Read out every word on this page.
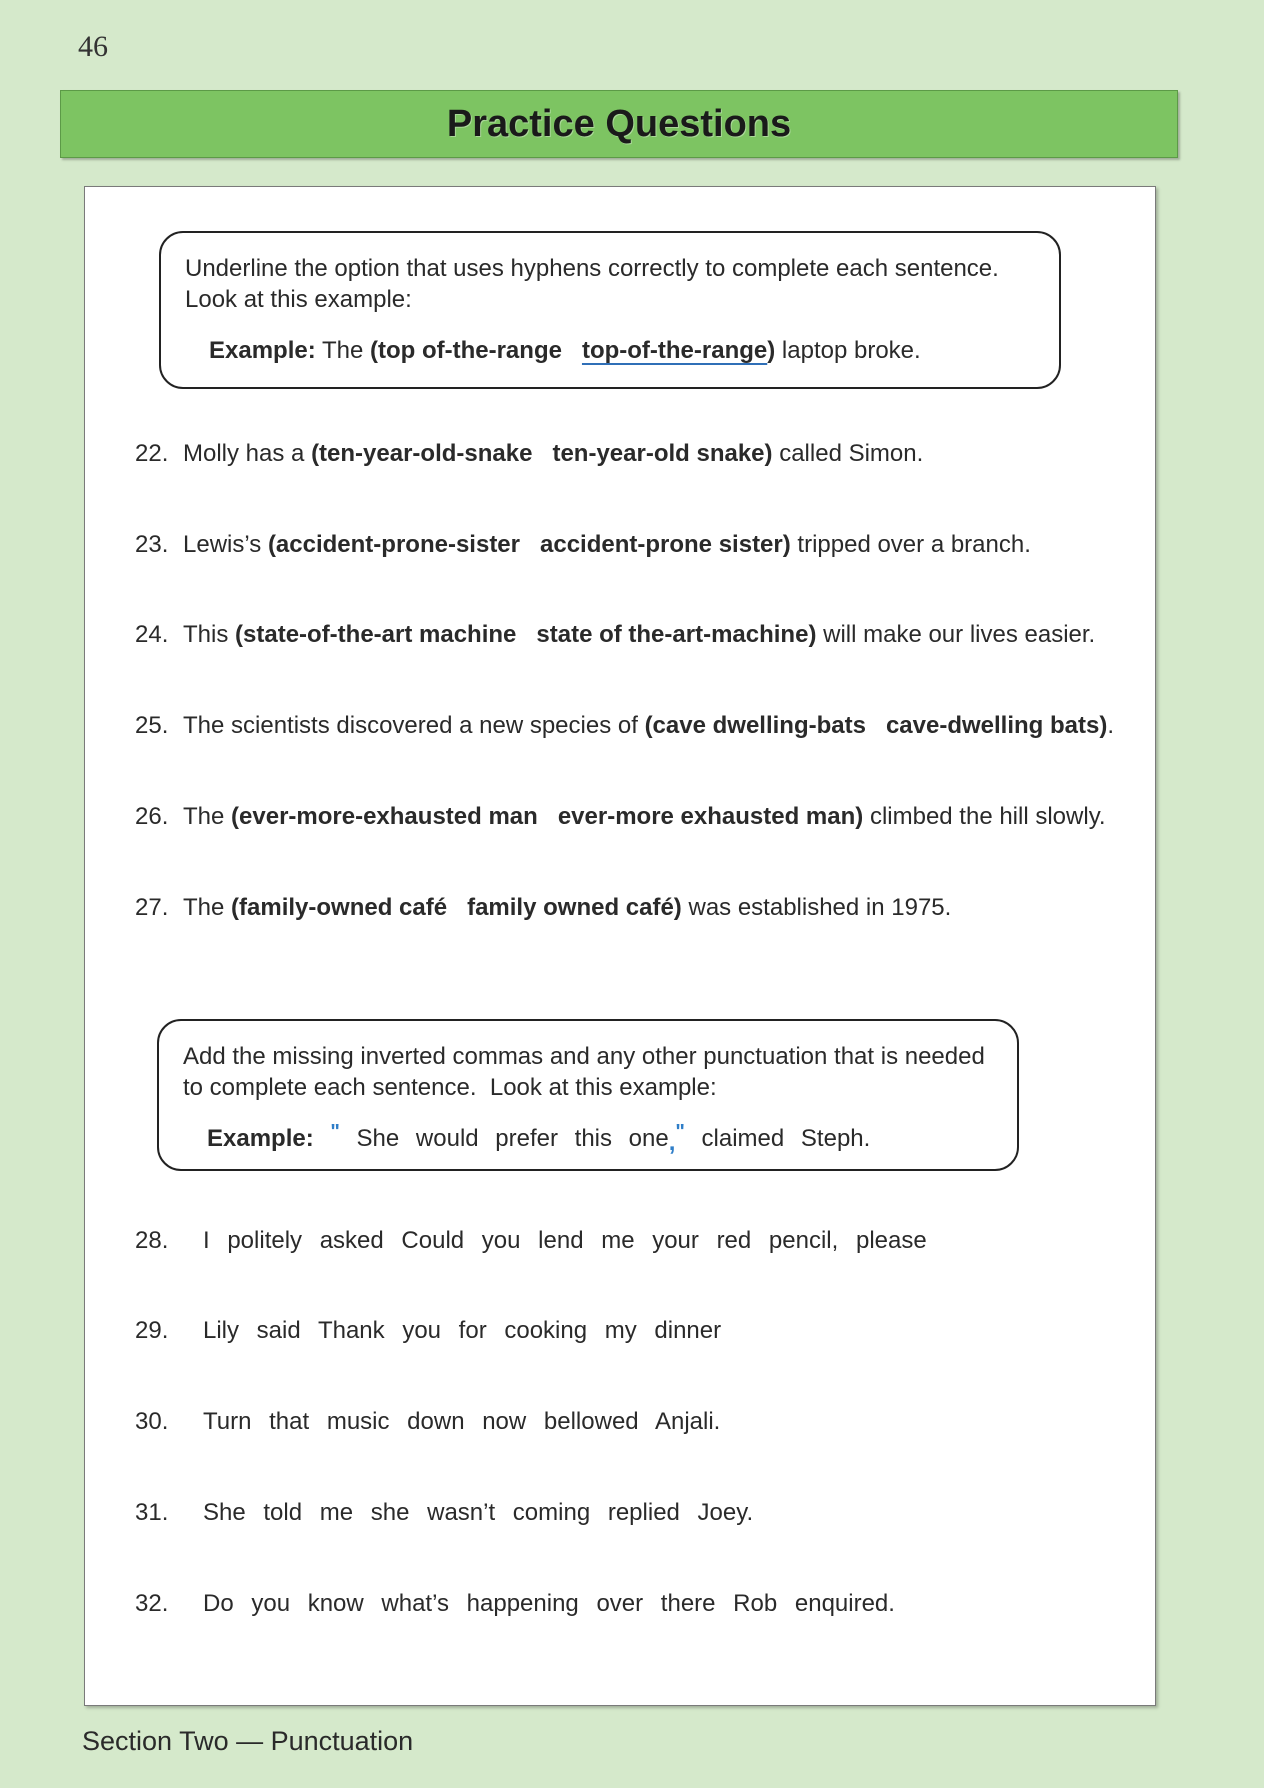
46
Practice Questions
Underline the option that uses hyphens correctly to complete each sentence. Look at this example:
Example: The (top of-the-range top-of-the-range) laptop broke.
22. Molly has a (ten-year-old-snake ten-year-old snake) called Simon.
23. Lewis’s (accident-prone-sister accident-prone sister) tripped over a branch.
24. This (state-of-the-art machine state of the-art-machine) will make our lives easier.
25. The scientists discovered a new species of (cave dwelling-bats cave-dwelling bats).
26. The (ever-more-exhausted man ever-more exhausted man) climbed the hill slowly.
27. The (family-owned café family owned café) was established in 1975.
Add the missing inverted commas and any other punctuation that is needed to complete each sentence.  Look at this example:
Example: " She would prefer this one," claimed Steph.
28. I politely asked Could you lend me your red pencil, please
29. Lily said Thank you for cooking my dinner
30. Turn that music down now bellowed Anjali.
31. She told me she wasn’t coming replied Joey.
32. Do you know what’s happening over there Rob enquired.
Section Two — Punctuation
